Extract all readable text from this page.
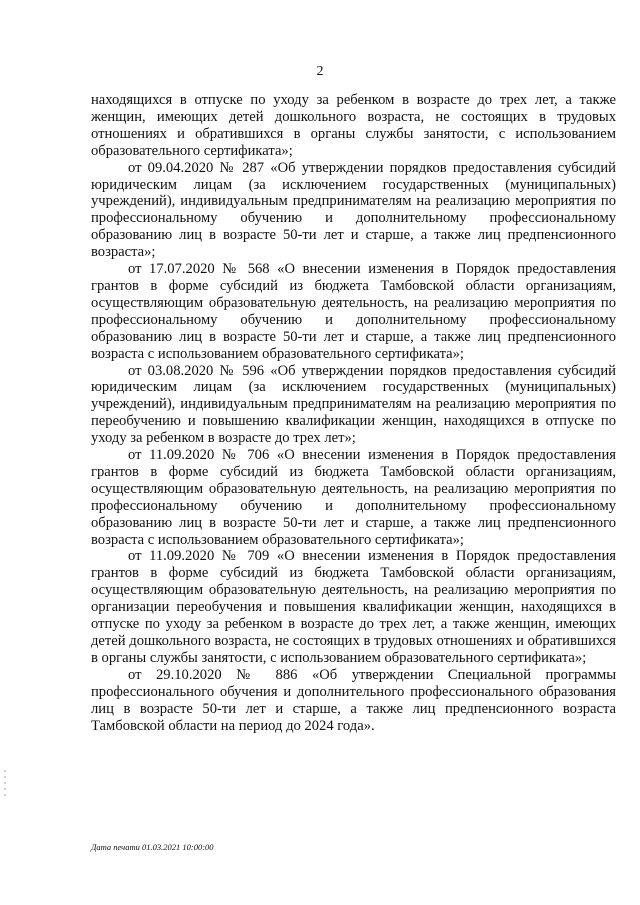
2

находящихся в отпуске по уходу за ребенком в возрасте до трех лет, а также женщин, имеющих детей дошкольного возраста, не состоящих в трудовых отношениях и обратившихся в органы службы занятости, с использованием образовательного сертификата»;

от 09.04.2020 № 287 «Об утверждении порядков предоставления субсидий юридическим лицам (за исключением государственных (муниципальных) учреждений), индивидуальным предпринимателям на реализацию мероприятия по профессиональному обучению и дополнительному профессиональному образованию лиц в возрасте 50-ти лет и старше, а также лиц предпенсионного возраста»;

от 17.07.2020 № 568 «О внесении изменения в Порядок предоставления грантов в форме субсидий из бюджета Тамбовской области организациям, осуществляющим образовательную деятельность, на реализацию мероприятия по профессиональному обучению и дополнительному профессиональному образованию лиц в возрасте 50-ти лет и старше, а также лиц предпенсионного возраста с использованием образовательного сертификата»;

от 03.08.2020 № 596 «Об утверждении порядков предоставления субсидий юридическим лицам (за исключением государственных (муниципальных) учреждений), индивидуальным предпринимателям на реализацию мероприятия по переобучению и повышению квалификации женщин, находящихся в отпуске по уходу за ребенком в возрасте до трех лет»;

от 11.09.2020 № 706 «О внесении изменения в Порядок предоставления грантов в форме субсидий из бюджета Тамбовской области организациям, осуществляющим образовательную деятельность, на реализацию мероприятия по профессиональному обучению и дополнительному профессиональному образованию лиц в возрасте 50-ти лет и старше, а также лиц предпенсионного возраста с использованием образовательного сертификата»;

от 11.09.2020 № 709 «О внесении изменения в Порядок предоставления грантов в форме субсидий из бюджета Тамбовской области организациям, осуществляющим образовательную деятельность, на реализацию мероприятия по организации переобучения и повышения квалификации женщин, находящихся в отпуске по уходу за ребенком в возрасте до трех лет, а также женщин, имеющих детей дошкольного возраста, не состоящих в трудовых отношениях и обратившихся в органы службы занятости, с использованием образовательного сертификата»;

от 29.10.2020 № 886 «Об утверждении Специальной программы профессионального обучения и дополнительного профессионального образования лиц в возрасте 50-ти лет и старше, а также лиц предпенсионного возраста Тамбовской области на период до 2024 года».

Дата печати 01.03.2021 10:00:00
